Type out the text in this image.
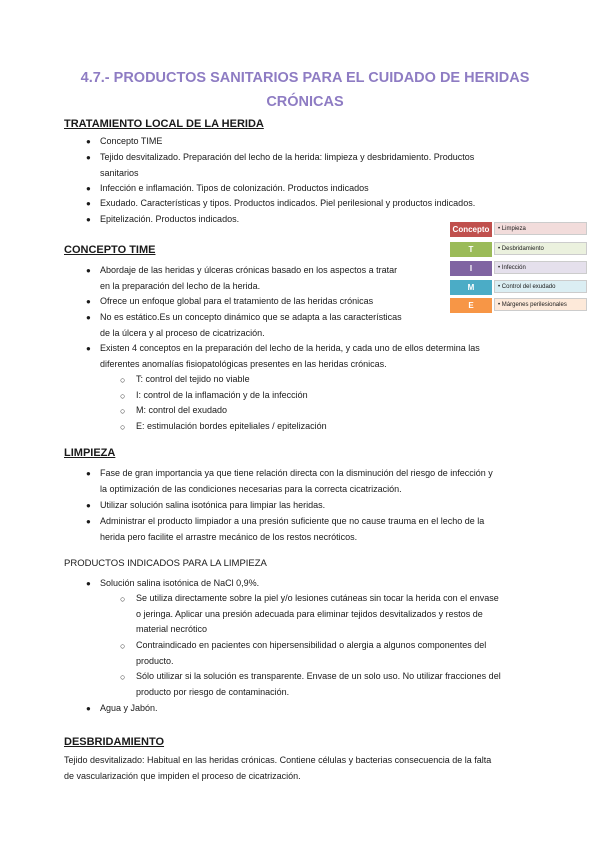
4.7.- PRODUCTOS SANITARIOS PARA EL CUIDADO DE HERIDAS
CRÓNICAS
TRATAMIENTO LOCAL DE LA HERIDA
● Concepto TIME
● Tejido desvitalizado. Preparación del lecho de la herida: limpieza y desbridamiento. Productos
sanitarios
● Infección e inflamación. Tipos de colonización. Productos indicados
● Exudado. Características y tipos. Productos indicados. Piel perilesional y productos indicados.
● Epitelización. Productos indicados.
Concepto	• Limpieza
T	• Desbridamiento
I	• Infección
M	• Control del exudado
E	• Márgenes perilesionales
CONCEPTO TIME
● Abordaje de las heridas y úlceras crónicas basado en los aspectos a tratar
en la preparación del lecho de la herida.
● Ofrece un enfoque global para el tratamiento de las heridas crónicas
● No es estático.Es un concepto dinámico que se adapta a las características
de la úlcera y al proceso de cicatrización.
● Existen 4 conceptos en la preparación del lecho de la herida, y cada uno de ellos determina las
diferentes anomalías fisiopatológicas presentes en las heridas crónicas.
○ T: control del tejido no viable
○ I: control de la inflamación y de la infección
○ M: control del exudado
○ E: estimulación bordes epiteliales / epitelización
LIMPIEZA
● Fase de gran importancia ya que tiene relación directa con la disminución del riesgo de infección y
la optimización de las condiciones necesarias para la correcta cicatrización.
● Utilizar solución salina isotónica para limpiar las heridas.
● Administrar el producto limpiador a una presión suficiente que no cause trauma en el lecho de la
herida pero facilite el arrastre mecánico de los restos necróticos.
PRODUCTOS INDICADOS PARA LA LIMPIEZA
● Solución salina isotónica de NaCl 0,9%.
○ Se utiliza directamente sobre la piel y/o lesiones cutáneas sin tocar la herida con el envase
o jeringa. Aplicar una presión adecuada para eliminar tejidos desvitalizados y restos de
material necrótico
○ Contraindicado en pacientes con hipersensibilidad o alergia a algunos componentes del
producto.
○ Sólo utilizar si la solución es transparente. Envase de un solo uso. No utilizar fracciones del
producto por riesgo de contaminación.
● Agua y Jabón.
DESBRIDAMIENTO
Tejido desvitalizado: Habitual en las heridas crónicas. Contiene células y bacterias consecuencia de la falta
de vascularización que impiden el proceso de cicatrización.
